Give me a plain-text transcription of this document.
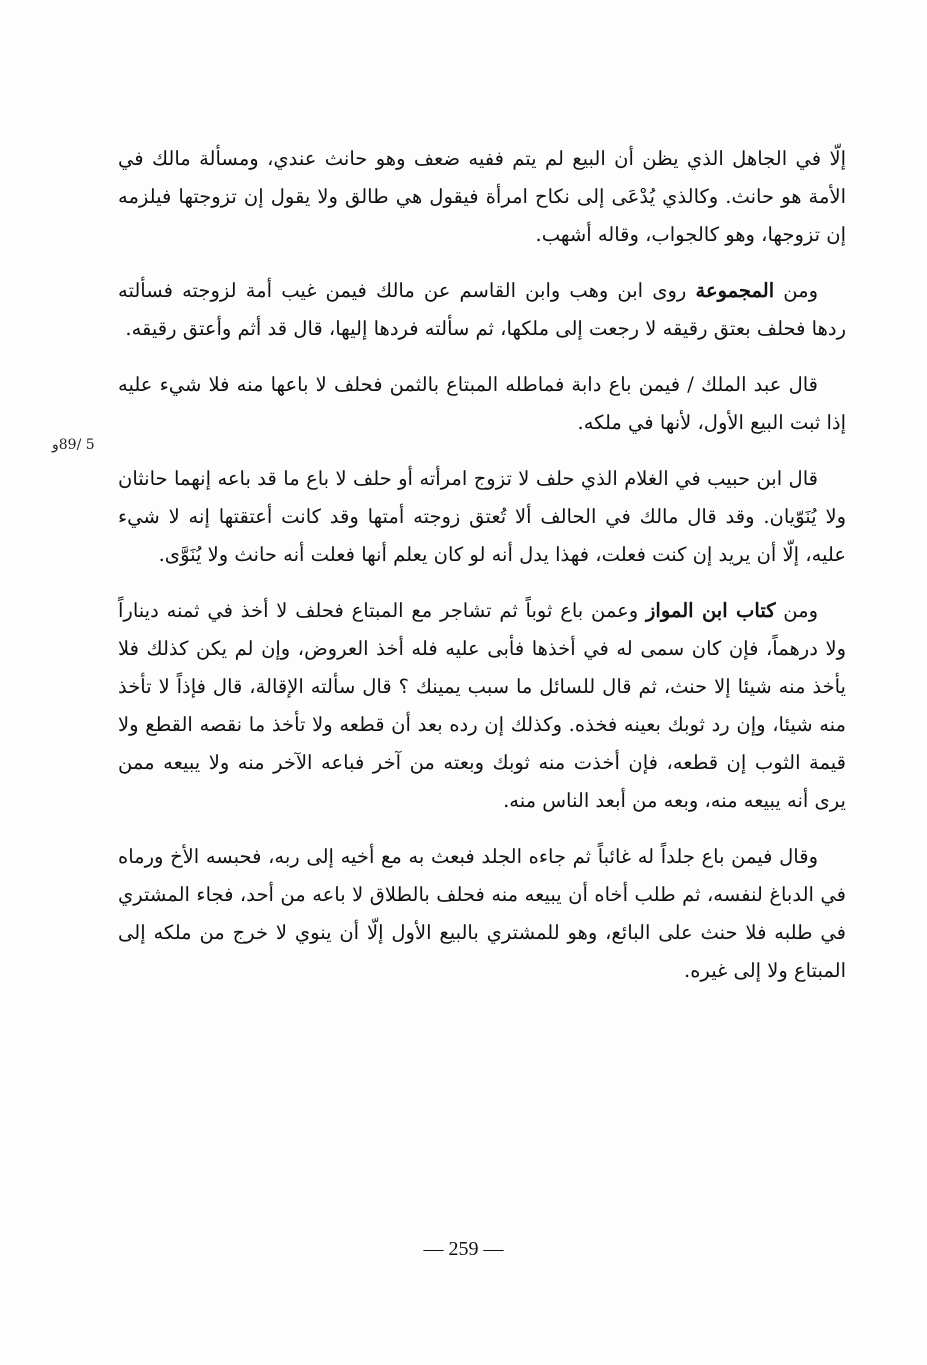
5 /89و

إلّا في الجاهل الذي يظن أن البيع لم يتم ففيه ضعف وهو حانث عندي، ومسألة مالك في الأمة هو حانث. وكالذي يُدْعَى إلى نكاح امرأة فيقول هي طالق ولا يقول إن تزوجتها فيلزمه إن تزوجها، وهو كالجواب، وقاله أشهب.

ومن المجموعة روى ابن وهب وابن القاسم عن مالك فيمن غيب أمة لزوجته فسألته ردها فحلف بعتق رقيقه لا رجعت إلى ملكها، ثم سألته فردها إليها، قال قد أثم وأعتق رقيقه.

قال عبد الملك / فيمن باع دابة فماطله المبتاع بالثمن فحلف لا باعها منه فلا شيء عليه إذا ثبت البيع الأول، لأنها في ملكه.

قال ابن حبيب في الغلام الذي حلف لا تزوج امرأته أو حلف لا باع ما قد باعه إنهما حانثان ولا يُنَوّيان. وقد قال مالك في الحالف ألا تُعتق زوجته أمتها وقد كانت أعتقتها إنه لا شيء عليه، إلّا أن يريد إن كنت فعلت، فهذا يدل أنه لو كان يعلم أنها فعلت أنه حانث ولا يُنَوَّى.

ومن كتاب ابن المواز وعمن باع ثوباً ثم تشاجر مع المبتاع فحلف لا أخذ في ثمنه ديناراً ولا درهماً، فإن كان سمى له في أخذها فأبى عليه فله أخذ العروض، وإن لم يكن كذلك فلا يأخذ منه شيئا إلا حنث، ثم قال للسائل ما سبب يمينك ؟ قال سألته الإقالة، قال فإذاً لا تأخذ منه شيئا، وإن رد ثوبك بعينه فخذه. وكذلك إن رده بعد أن قطعه ولا تأخذ ما نقصه القطع ولا قيمة الثوب إن قطعه، فإن أخذت منه ثوبك وبعته من آخر فباعه الآخر منه ولا يبيعه ممن يرى أنه يبيعه منه، وبعه من أبعد الناس منه.

وقال فيمن باع جلداً له غائباً ثم جاءه الجلد فبعث به مع أخيه إلى ربه، فحبسه الأخ ورماه في الدباغ لنفسه، ثم طلب أخاه أن يبيعه منه فحلف بالطلاق لا باعه من أحد، فجاء المشتري في طلبه فلا حنث على البائع، وهو للمشتري بالبيع الأول إلّا أن ينوي لا خرج من ملكه إلى المبتاع ولا إلى غيره.

— 259 —
